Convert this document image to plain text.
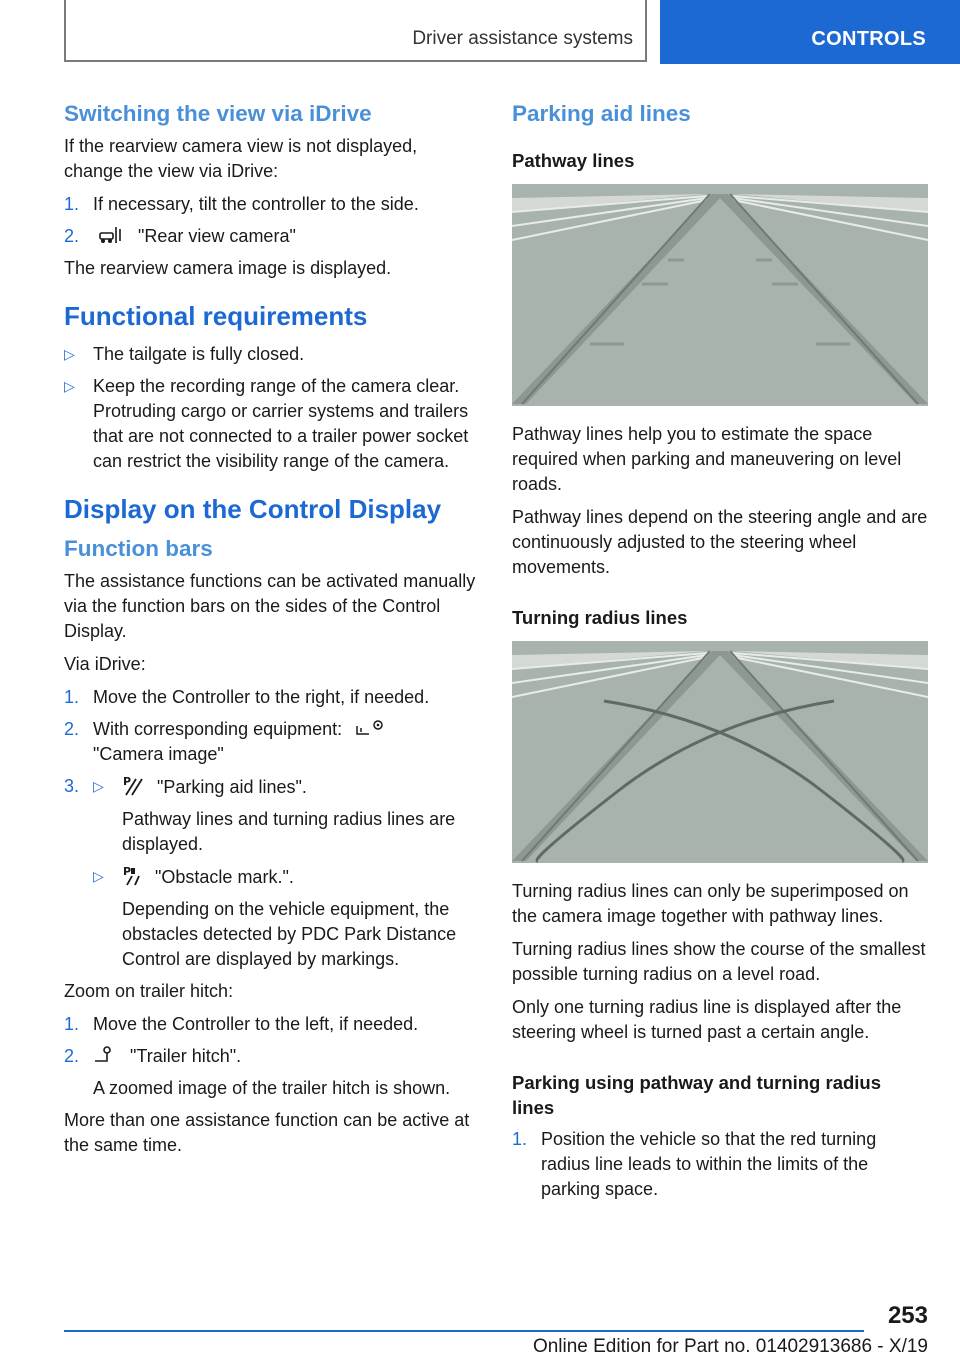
Driver assistance systems	CONTROLS
Switching the view via iDrive

If the rearview camera view is not displayed, change the view via iDrive:

1. If necessary, tilt the controller to the side.
2.	"Rear view camera"

The rearview camera image is displayed.

Functional requirements
▷ The tailgate is fully closed.
▷ Keep the recording range of the camera clear. Protruding cargo or carrier systems and trailers that are not connected to a trailer power socket can restrict the visibility range of the camera.
Display on the Control Display
Function bars

The assistance functions can be activated manually via the function bars on the sides of the Control Display.

Via iDrive:

1. Move the Controller to the right, if needed.
2. With corresponding equipment:
"Camera image"
3. ▷ P "Parking aid lines".
Pathway lines and turning radius lines are displayed.
▷ P "Obstacle mark.".
Depending on the vehicle equipment, the obstacles detected by PDC Park Distance Control are displayed by markings.

Zoom on trailer hitch:

1. Move the Controller to the left, if needed.
2.	"Trailer hitch".
A zoomed image of the trailer hitch is shown.

More than one assistance function can be active at the same time.

Parking aid lines
Pathway lines

Pathway lines help you to estimate the space required when parking and maneuvering on level roads.

Pathway lines depend on the steering angle and are continuously adjusted to the steering wheel movements.

Turning radius lines

Turning radius lines can only be superimposed on the camera image together with pathway lines.

Turning radius lines show the course of the smallest possible turning radius on a level road.

Only one turning radius line is displayed after the steering wheel is turned past a certain angle.

Parking using pathway and turning radius lines
1. Position the vehicle so that the red turning radius line leads to within the limits of the parking space.
253
Online Edition for Part no. 01402913686 - X/19
